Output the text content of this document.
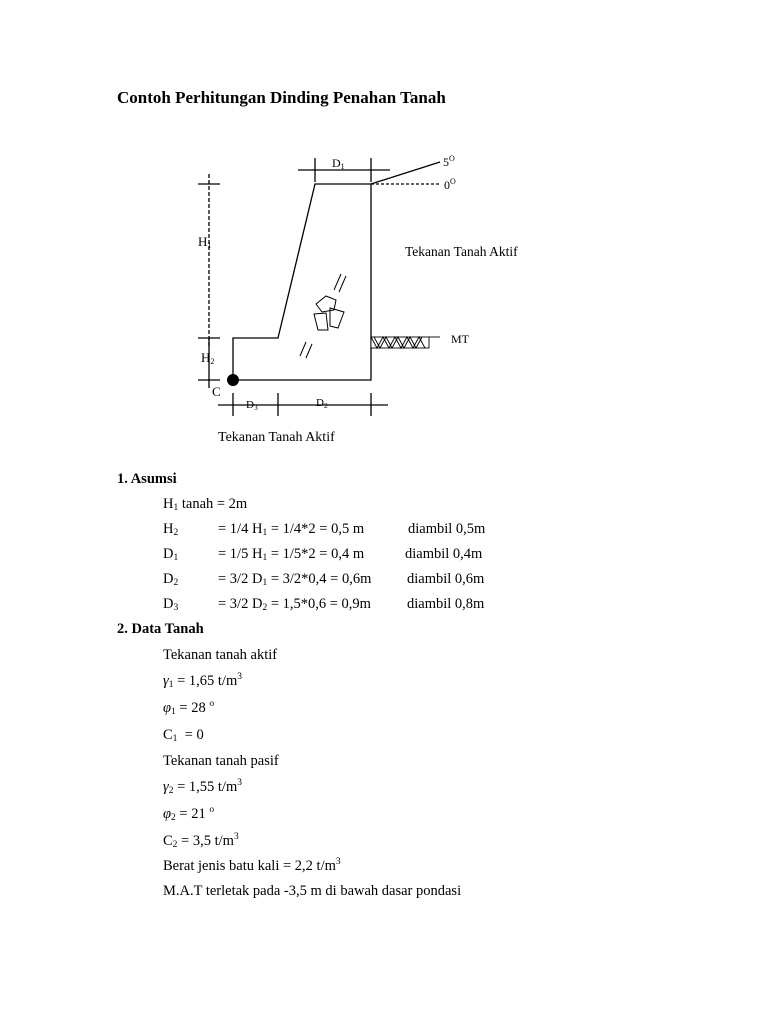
Contoh Perhitungan Dinding Penahan Tanah
D1	$5^O$
$0^O$
H1
H2
C
D3	D2
MT
Tekanan Tanah Aktif
Tekanan Tanah Aktif
1. Asumsi
$H_1$ tanah = 2m
$H_2$	= 1/4 $H_1 = 1/4*2 = 0,5$ m	diambil 0,5m
$D_1$	= 1/5 $H_1 = 1/5*2 = 0,4$ m	diambil 0,4m
$D_2$	= 3/2 $D_1 = 3/2*0,4 = 0,6m$ diambil 0,6m
$D_3$	= 3/2 $D_2 = 1,5*0,6 = 0,9m$ diambil 0,8m
2. Data Tanah
Tekanan tanah aktif
$\gamma_1 = 1,65$ $t/m^3$
$\varphi_1 = 28$ $^o$
$C_1 = 0$
Tekanan tanah pasif
$\gamma_2 = 1,55$ $t/m^3$
$\varphi_2 = 21$ $^o$
$C_2 = 3,5$ $t/m^3$
Berat jenis batu kali = 2,2 $t/m^3$
M.A.T terletak pada -3,5 m di bawah dasar pondasi
